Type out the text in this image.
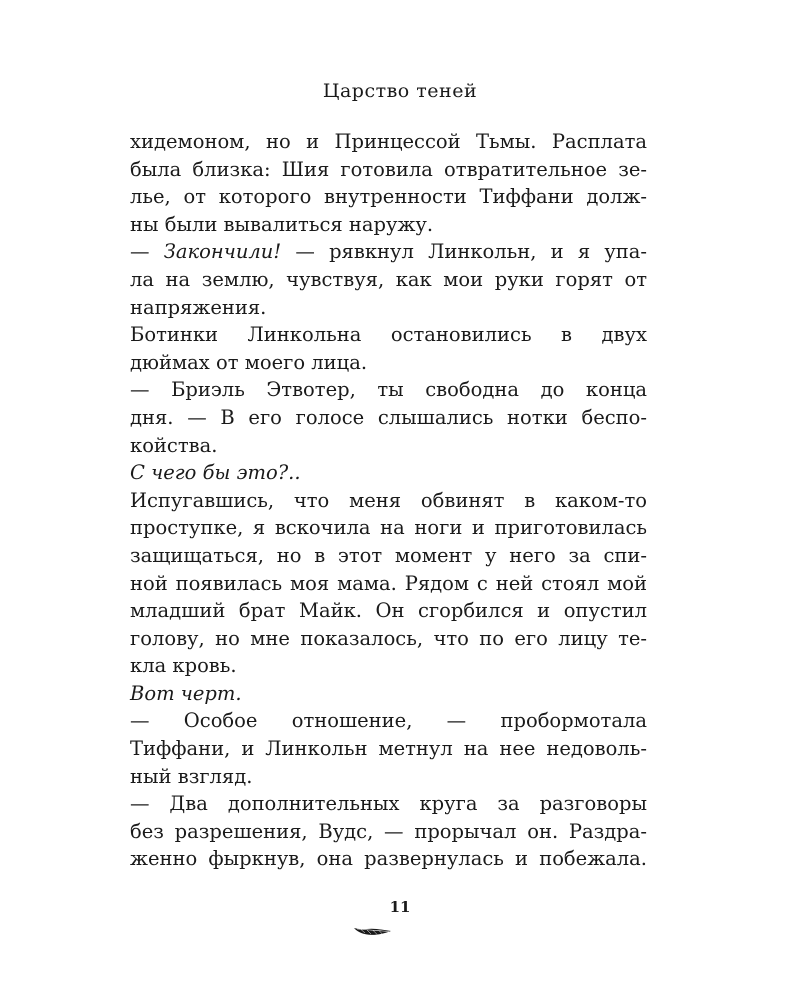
Царство теней
хидемоном, но и Принцессой Тьмы. Расплата
была близка: Шия готовила отвратительное зе-
лье, от которого внутренности Тиффани долж-
ны были вывалиться наружу.
— Закончили! — рявкнул Линкольн, и я упа-
ла на землю, чувствуя, как мои руки горят от
напряжения.
Ботинки Линкольна остановились в двух
дюймах от моего лица.
— Бриэль Этвотер, ты свободна до конца
дня. — В его голосе слышались нотки беспо-
койства.
С чего бы это?..
Испугавшись, что меня обвинят в каком-то
проступке, я вскочила на ноги и приготовилась
защищаться, но в этот момент у него за спи-
ной появилась моя мама. Рядом с ней стоял мой
младший брат Майк. Он сгорбился и опустил
голову, но мне показалось, что по его лицу те-
кла кровь.
Вот черт.
— Особое отношение, — пробормотала
Тиффани, и Линкольн метнул на нее недоволь-
ный взгляд.
— Два дополнительных круга за разговоры
без разрешения, Вудс, — прорычал он. Раздра-
женно фыркнув, она развернулась и побежала.
11
